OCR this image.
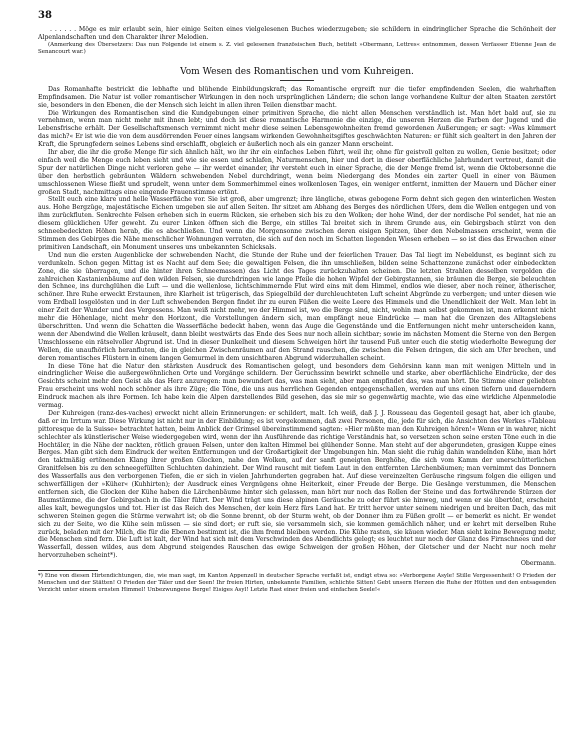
38

. . . . . . Möge es mir erlaubt sein, hier einige Seiten eines vielgelesenen Buches wiederzugeben; sie schildern in eindringlicher Sprache die Schönheit der Alpenlandschaften und den Charakter ihrer Melodien.

(Anmerkung des Übersetzers: Das nun Folgende ist einem s. Z. viel gelesenen französischen Buch, betitelt »Obermann, Lettres« entnommen, dessen Verfasser Etienne Jean de Senancourt war.)

Vom Wesen des Romantischen und vom Kuhreigen.

Das Romanhafte bestrickt die lebhafte und blühende Einbildungskraft; das Romantische ergreift nur die tiefer empfindenden Seelen, die wahrhaften Empfindsamen. Die Natur ist voller romantischer Wirkungen in den noch ursprünglichen Ländern; die schon lange vorhandene Kultur der alten Staaten zerstört sie, besonders in den Ebenen, die der Mensch sich leicht in allen ihren Teilen dienstbar macht.

Die Wirkungen des Romantischen sind die Kundgebungen einer primitiven Sprache, die nicht allen Menschen verständlich ist. Man hört bald auf, sie zu vernehmen, wenn man nicht mehr mit ihnen lebt; und doch ist diese romantische Harmonie die einzige, die unseren Herzen die Farben der Jugend und die Lebensfrische erhält. Der Gesellschaftsmensch vernimmt nicht mehr diese seinen Lebensgewohnheiten fremd gewordenen Äußerungen; er sagt: »Was kümmert das mich?« Er ist wie die von dem ausdörrenden Feuer eines langsam wirkenden Gewohnheitsgiftes geschwächten Naturen: er fühlt sich gealtert in den Jahren der Kraft, die Sprungfedern seines Lebens sind erschlafft, obgleich er äußerlich noch als ein ganzer Mann erscheint.

Ihr aber, die ihr die große Menge für sich ähnlich hält, wo ihr ihr ein einfaches Leben führt, weil ihr, ohne für geistvoll gelten zu wollen, Genie besitzet; oder einfach weil die Menge euch leben sieht und wie sie essen und schlafen, Naturmenschen, hier und dort in dieser oberflächliche Jahrhundert vertreut, damit die Spur der natürlichen Dinge nicht verloren gehe — ihr werdet einander, ihr versteht euch in einer Sprache, die der Menge fremd ist, wenn die Oktobersonne die über den herbstlich gebräunten Wäldern schwebenden Nebel durchdringt, wenn beim Niedergang des Mondes ein zarter Quell in einer von Bäumen umschlossenen Wiese fließt und sprudelt, wenn unter dem Sommerhimmel eines wolkenlosen Tages, ein weniger entfernt, inmitten der Mauern und Dächer einer großen Stadt, nachmittags eine eingende Frauenstimme ertönt.

Stellt euch eine klare und helle Wasserfläche vor. Sie ist groß, aber umgrenzt; ihre längliche, etwas gebogene Form dehnt sich gegen den winterlichen Westen aus. Hohe Bergzüge, majestätische Eichen umgeben sie auf allen Seiten. Ihr sitzet am Abhang des Berges des nördlichen Ufers, dem die Wellen entgegen und von ihm zurückfluten. Senkrechte Felsen erheben sich in euerm Rücken, sie erheben sich bis zu den Wolken; der hohe Wind, der der nordische Pol sendet, hat nie an diesem glücklichen Ufer geweht. Zu eurer Linken öffnen sich die Berge, ein stilles Tal breitet sich in ihrem Grunde aus, ein Gebirgsbach stürzt von den schneebedeckten Höhen herab, die es abschließen. Und wenn die Morgensonne zwischen deren eisigen Spitzen, über den Nebelmassen erscheint, wenn die Stimmen des Gebirges die Nähe menschlicher Wohnungen verraten, die sich auf den noch im Schatten liegenden Wiesen erheben — so ist dies das Erwachen einer primitiven Landschaft, ein Monument unseres uns unbekannten Schicksals.

Und nun die ersten Augenblicke der schwebenden Nacht, die Stunde der Ruhe und der feierlichen Trauer. Das Tal liegt im Nebeldunst, es beginnt sich zu verdunkeln. Schon gegen Mittag ist es Nacht auf dem See; die gewaltigen Felsen, die ihn umschließen, bilden seine Schattenzone zunächst oder einbedeckten Zone, die sie überragen, und die hinter ihren Schneemassen) das Licht des Tages zurückzuhalten scheinen. Die letzten Strahlen desselben vergolden die zahlreichen Kastanienbäume auf den wilden Felsen, sie durchdringen wie lange Pfeile die hohen Wipfel der Gebirgstannen, sie bräunen die Berge, sie beleuchten den Schnee, ins durchglühen die Luft — und die wellenlose, lichtschimmernde Flut wird eins mit dem Himmel, endlos wie dieser, aber noch reiner, ätherischer, schöner. Ihre Ruhe erweckt Erstaunen, ihre Klarheit ist trügerisch, das Spiegelbild der durchleuchteten Luft scheint Abgründe zu verbergen; und unter diesen wie vom Erdball losgelösten und in der Luft schwebenden Bergen findet ihr zu euren Füßen die weite Leere des Himmels und die Unendlichkeit der Welt. Man lebt in einer Zeit der Wunder und des Vergessens. Man weiß nicht mehr, wo der Himmel ist, wo die Berge sind, nicht, wohin man selbst gekommen ist, man erkennt nicht mehr die Höhenlage, nicht mehr den Horizont, die Vorstellungen ändern sich, man empfängt neue Eindrücke — man hat die Grenzen des Alltagslebens überschritten. Und wenn die Schatten die Wasserfläche bedeckt haben, wenn das Auge die Gegenstände und die Entfernungen nicht mehr unterscheiden kann, wenn der Abendwind die Wellen kräuselt, dann bleibt westwärts das Ende des Sees nur noch allein sichtbar; sowie im nächsten Moment die Sterne von den Bergen Umschlossene ein rätselvoller Abgrund ist. Und in dieser Dunkelheit und diesem Schweigen hört ihr tausend Fuß unter euch die stetig wiederholte Bewegung der Wellen, die unaufhörlich heranfluten, die in gleichen Zwischenräumen auf den Strand rauschen, die zwischen die Felsen dringen, die sich am Ufer brechen, und deren romantisches Flüstern in einem langen Gemurmel in dem unsichtbaren Abgrund widerzuhallen scheint.

In diese Töne hat die Natur den stärksten Ausdruck des Romantischen gelegt, und besonders dem Gehörsinn kann man mit wenigen Mitteln und in eindringlicher Weise die außergewöhnlichen Orte und Vorgänge schildern. Der Geruchssinn bewirkt schnelle und starke, aber oberflächliche Eindrücke, der des Gesichts scheint mehr den Geist als das Herz anzuregen: man bewundert das, was man sieht, aber man empfindet das, was man hört. Die Stimme einer geliebten Frau erscheint uns wohl noch schöner als ihre Züge; die Töne, die uns aus herrlichen Gegenden entgegenschallen, werden auf uns einen tiefern und dauerndern Eindruck machen als ihre Formen. Ich habe kein die Alpen darstellendes Bild gesehen, das sie mir so gegenwärtig machte, wie das eine wirkliche Alpenmelodie vermag.

Der Kuhreigen (ranz-des-vaches) erweckt nicht allein Erinnerungen: er schildert, malt. Ich weiß, daß J. J. Rousseau das Gegenteil gesagt hat, aber ich glaube, daß er im Irrtum war. Diese Wirkung ist nicht nur in der Einbildung; es ist vorgekommen, daß zwei Personen, die, jede für sich, die Ansichten des Werkes »Tableau pittoresque de la Suisse« betrachtet hatten, beim Anblick der Grimsel übereinstimmend sagten: »Hier müßte man den Kuhreigen hören!« Wenn er in wahrer, nicht schlechter als künstlerischer Weise wiedergegeben wird, wenn der ihn Ausführende das richtige Verständnis hat, so versetzen schon seine ersten Töne euch in die Hochtäler, in die Nähe der nackten, rötlich grauen Felsen, unter den kalten Himmel bei glühender Sonne. Man steht auf der abgerundeten, grasigen Kuppe eines Berges. Man gibt sich dem Eindruck der weiten Entfernungen und der Großartigkeit der Umgebungen hin. Man sieht die ruhig dahin wandelnden Kühe, man hört den taktmäßig ertönenden Klang ihrer großen Glocken, nahe den Wolken, auf der sanft geneigten Berghöhe, die sich vom Kamm der unerschütterlichen Granitfelsen bis zu den schneegefüllten Schluchten dahinzieht. Der Wind rauscht mit tiefem Laut in den entfernten Lärchenbäumen; man vernimmt das Donnern des Wasserfalls aus den verborgenen Tiefen, die er sich in vielen Jahrhunderten gegraben hat. Auf diese vereinzelten Geräusche ringsum folgen die eiligen und schwerfälligen der »Küher« (Kuhhirten); der Ausdruck eines Vergnügens ohne Heiterkeit, einer Freude der Berge. Die Gesänge verstummen, die Menschen entfernen sich, die Glocken der Kühe haben die Lärchenbäume hinter sich gelassen, man hört nur noch das Rollen der Steine und das fortwährende Stürzen der Baumstämme, die der Gebirgsbach in die Täler führt. Der Wind trägt uns diese alpinen Geräusche zu oder führt sie hinweg, und wenn er sie übertönt, erscheint alles kalt, bewegungslos und tot. Hier ist das Reich des Menschen, der kein Herz fürs Land hat. Er tritt hervor unter seinem niedrigen und breiten Dach, das mit schweren Steinen gegen die Stürme verwahrt ist; ob die Sonne brennt, ob der Sturm weht, ob der Donner ihm zu Füßen grollt — er bemerkt es nicht. Er wendet sich zu der Seite, wo die Kühe sein müssen — sie sind dort; er ruft sie, sie versammeln sich, sie kommen gemächlich näher, und er kehrt mit derselben Ruhe zurück, beladen mit der Milch, die für die Ebenen bestimmt ist, die ihm fremd bleiben werden. Die Kühe rasten, sie käuen wieder. Man sieht keine Bewegung mehr, die Menschen sind fern. Die Luft ist kalt, der Wind hat sich mit dem Verschwinden des Abendlichts gelegt; es leuchtet nur noch der Glanz des Firnschnees und der Wasserfall, dessen wildes, aus dem Abgrund steigendes Rauschen das ewige Schweigen der großen Höhen, der Gletscher und der Nacht nur noch mehr hervorzuheben scheint*).

Obermann.

*) Eine von diesen Hirtendichtungen, die, wie man sagt, im Kanton Appenzell in deutscher Sprache verfaßt ist, endigt etwa so: »Verborgene Asyle! Stille Vergessenheit! O Frieden der Menschen und der Stätten! O Frieden der Täler und der Seen! Ihr freien Hirten, unbekannte Familien, schlichte Sitten! Gebt unsern Herzen die Ruhe der Hütten und den entsagenden Verzicht unter einem ernsten Himmel! Unbezwungene Berge! Eisiges Asyl! Letzte Rast einer freien und einfachen Seele!«
